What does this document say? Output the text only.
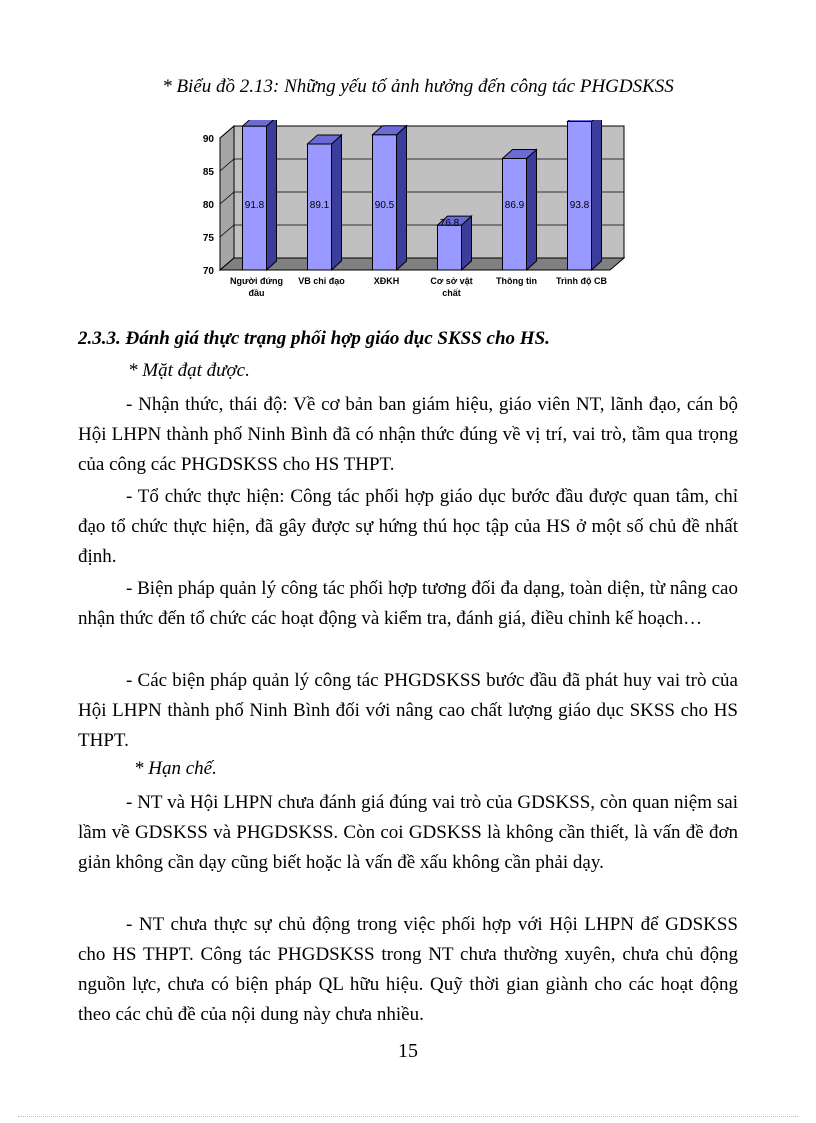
* Biểu đồ 2.13: Những yếu tố ảnh hưởng đến công tác PHGDSKSS
70
75
80
85
90
91.8	89.1	90.5
76.8
86.9	93.8
Người đứng đầu
VB chỉ đạo	XĐKH	Cơ sở vật chất
Thông tin Trình độ CB
2.3.3. Đánh giá thực trạng phối hợp giáo dục SKSS cho HS.
* Mặt đạt được.

- Nhận thức, thái độ: Về cơ bản ban giám hiệu, giáo viên NT, lãnh đạo, cán bộ Hội LHPN thành phố Ninh Bình đã có nhận thức đúng về vị trí, vai trò, tầm qua trọng của công các PHGDSKSS cho HS THPT.

- Tổ chức thực hiện: Công tác phối hợp giáo dục bước đầu được quan tâm, chỉ đạo tổ chức thực hiện, đã gây được sự hứng thú học tập của HS ở một số chủ đề nhất định.

- Biện pháp quản lý công tác phối hợp tương đối đa dạng, toàn diện, từ nâng cao nhận thức đến tổ chức các hoạt động và kiểm tra, đánh giá, điều chỉnh kế hoạch…

- Các biện pháp quản lý công tác PHGDSKSS bước đầu đã phát huy vai trò của Hội LHPN thành phố Ninh Bình đối với nâng cao chất lượng giáo dục SKSS cho HS THPT.

* Hạn chế.

- NT và Hội LHPN chưa đánh giá đúng vai trò của GDSKSS, còn quan niệm sai lầm về GDSKSS và PHGDSKSS. Còn coi GDSKSS là không cần thiết, là vấn đề đơn giản không cần dạy cũng biết hoặc là vấn đề xấu không cần phải dạy.

- NT chưa thực sự chủ động trong việc phối hợp với Hội LHPN để GDSKSS cho HS THPT. Công tác PHGDSKSS trong NT chưa thường xuyên, chưa chủ động nguồn lực, chưa có biện pháp QL hữu hiệu. Quỹ thời gian giành cho các hoạt động theo các chủ đề của nội dung này chưa nhiều.

15
